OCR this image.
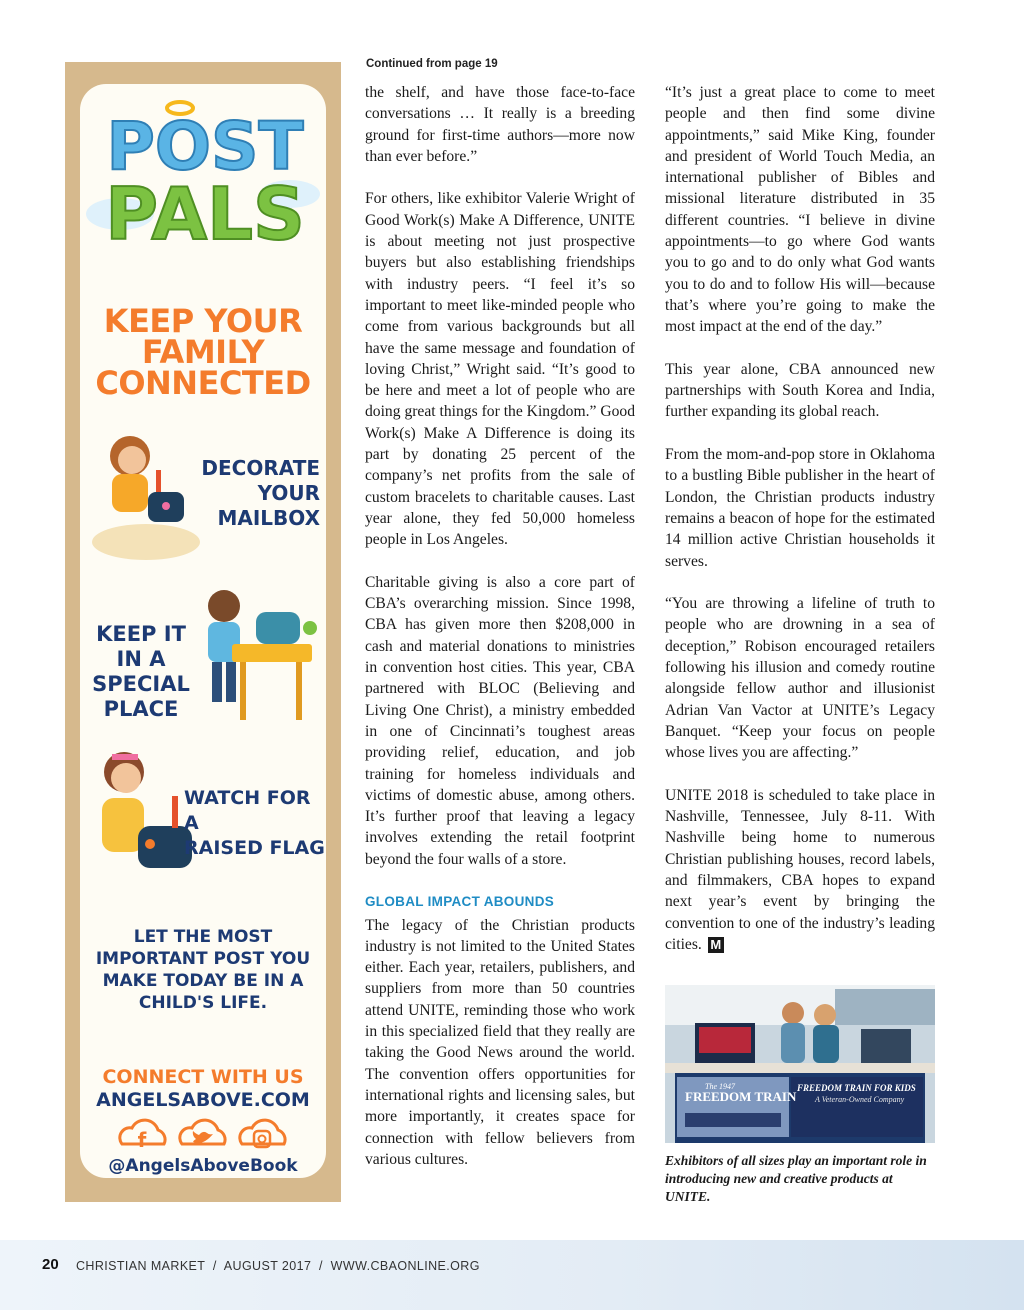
POST
PALS
KEEP YOUR
FAMILY
CONNECTED
DECORATE
YOUR
MAILBOX
KEEP IT
IN A
SPECIAL
PLACE
WATCH FOR A
RAISED FLAG
LET THE MOST
IMPORTANT POST YOU
MAKE TODAY BE IN A
CHILD'S LIFE.
CONNECT WITH US
ANGELSABOVE.COM
f
@AngelsAboveBook
Continued from page 19

the shelf, and have those face-to-face conversations … It really is a breeding ground for first-time authors—more now than ever before.”

For others, like exhibitor Valerie Wright of Good Work(s) Make A Difference, UNITE is about meeting not just prospective buyers but also establishing friendships with industry peers. “I feel it’s so important to meet like-minded people who come from various backgrounds but all have the same message and foundation of loving Christ,” Wright said. “It’s good to be here and meet a lot of people who are doing great things for the Kingdom.” Good Work(s) Make A Difference is doing its part by donating 25 percent of the company’s net profits from the sale of custom bracelets to charitable causes. Last year alone, they fed 50,000 homeless people in Los Angeles.

Charitable giving is also a core part of CBA’s overarching mission. Since 1998, CBA has given more then $208,000 in cash and material donations to ministries in convention host cities. This year, CBA partnered with BLOC (Believing and Living One Christ), a ministry embedded in one of Cincinnati’s toughest areas providing relief, education, and job training for homeless individuals and victims of domestic abuse, among others. It’s further proof that leaving a legacy involves extending the retail footprint beyond the four walls of a store.

GLOBAL IMPACT ABOUNDS

The legacy of the Christian products industry is not limited to the United States either. Each year, retailers, publishers, and suppliers from more than 50 countries attend UNITE, reminding those who work in this specialized field that they really are taking the Good News around the world. The convention offers opportunities for international rights and licensing sales, but more importantly, it creates space for connection with fellow believers from various cultures.

“It’s just a great place to come to meet people and then find some divine appointments,” said Mike King, founder and president of World Touch Media, an international publisher of Bibles and missional literature distributed in 35 different countries. “I believe in divine appointments—to go where God wants you to go and to do only what God wants you to do and to follow His will—because that’s where you’re going to make the most impact at the end of the day.”

This year alone, CBA announced new partnerships with South Korea and India, further expanding its global reach.

From the mom-and-pop store in Oklahoma to a bustling Bible publisher in the heart of London, the Christian products industry remains a beacon of hope for the estimated 14 million active Christian households it serves.

“You are throwing a lifeline of truth to people who are drowning in a sea of deception,” Robison encouraged retailers following his illusion and comedy routine alongside fellow author and illusionist Adrian Van Vactor at UNITE’s Legacy Banquet. “Keep your focus on people whose lives you are affecting.”

UNITE 2018 is scheduled to take place in Nashville, Tennessee, July 8-11. With Nashville being home to numerous Christian publishing houses, record labels, and filmmakers, CBA hopes to expand next year’s event by bringing the convention to one of the industry’s leading cities. M

The 1947
FREEDOM TRAIN
FREEDOM TRAIN FOR KIDS
A Veteran-Owned Company
Exhibitors of all sizes play an important role in introducing new and creative products at UNITE.
20 CHRISTIAN MARKET  /  AUGUST 2017  /  WWW.CBAONLINE.ORG
